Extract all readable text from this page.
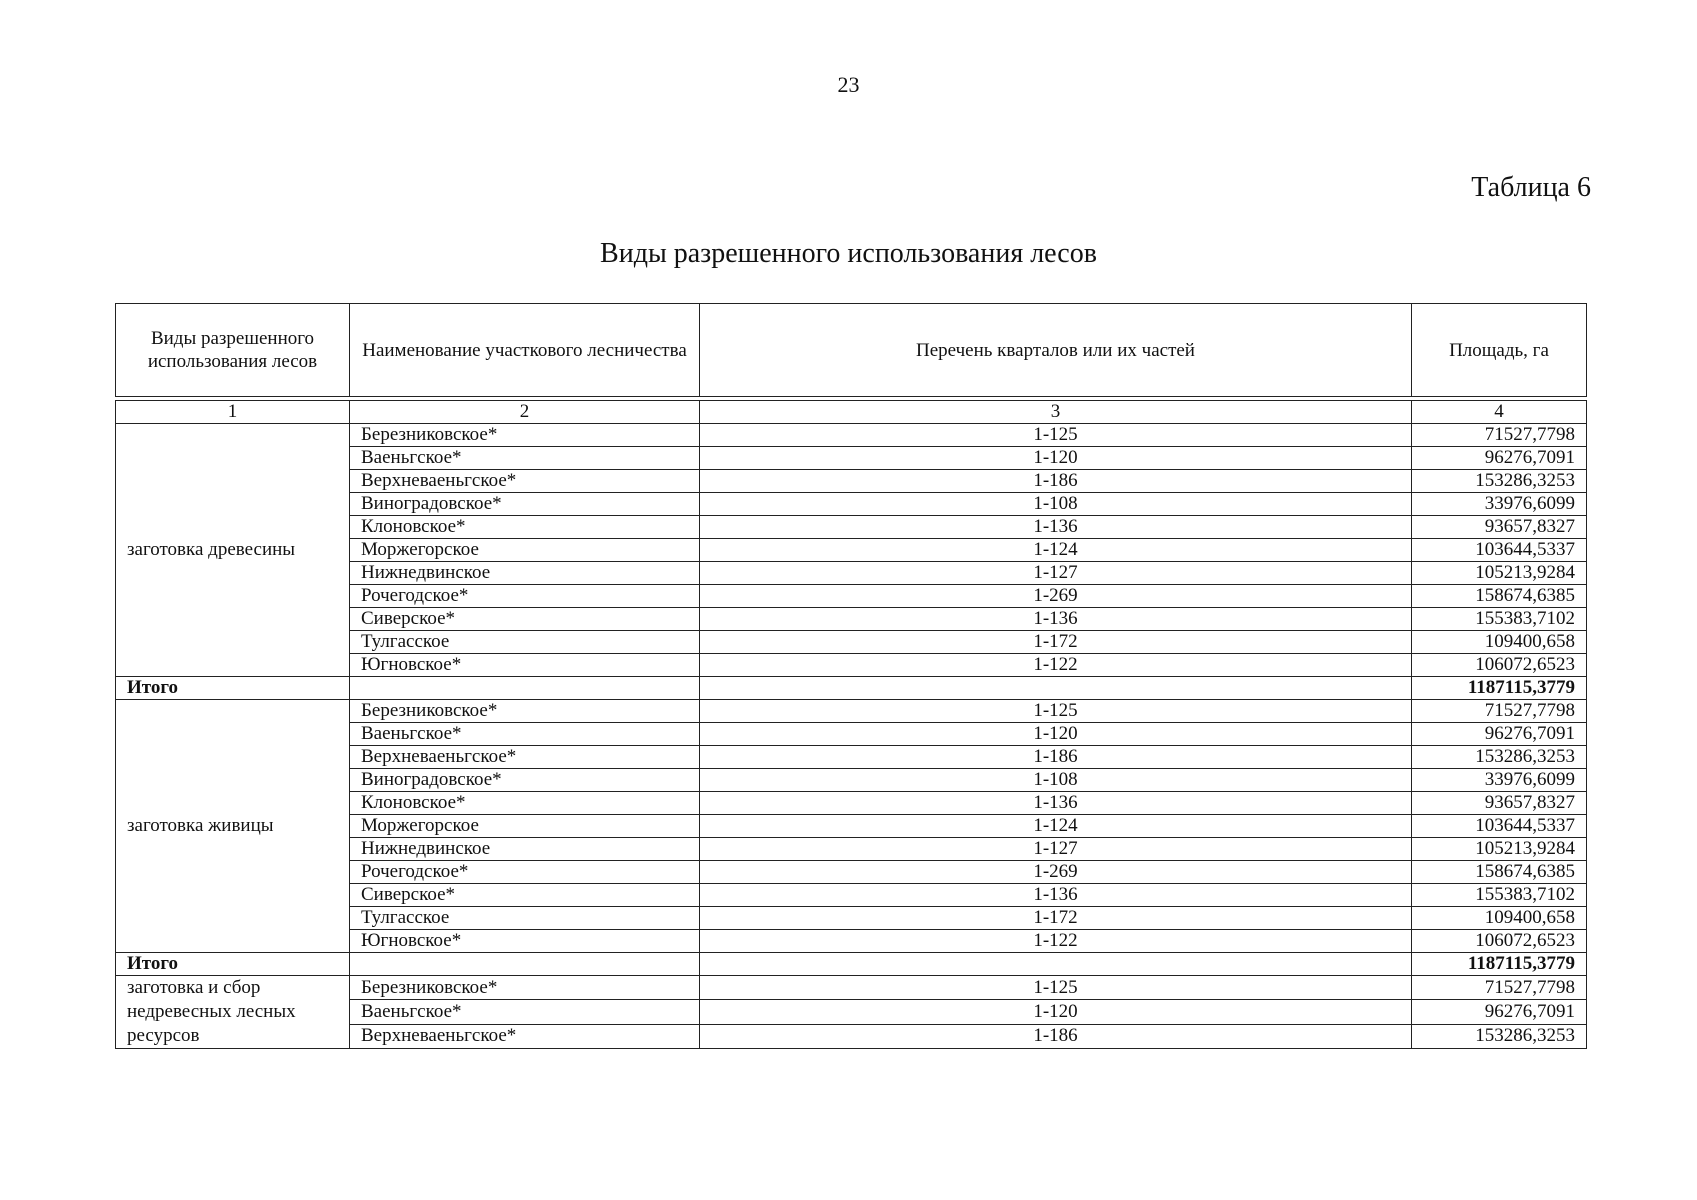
23
Таблица 6
Виды разрешенного использования лесов
Виды разрешенного использования лесов	Наименование участкового лесничества	Перечень кварталов или их частей	Площадь, га
1	2	3	4
заготовка древесины	Березниковское*	1-125	71527,7798
	Ваеньгское*	1-120	96276,7091
	Верхневаеньгское*	1-186	153286,3253
	Виноградовское*	1-108	33976,6099
	Клоновское*	1-136	93657,8327
	Моржегорское	1-124	103644,5337
	Нижнедвинское	1-127	105213,9284
	Рочегодское*	1-269	158674,6385
	Сиверское*	1-136	155383,7102
	Тулгасское	1-172	109400,658
	Югновское*	1-122	106072,6523
Итого			1187115,3779
заготовка живицы	Березниковское*	1-125	71527,7798
	Ваеньгское*	1-120	96276,7091
	Верхневаеньгское*	1-186	153286,3253
	Виноградовское*	1-108	33976,6099
	Клоновское*	1-136	93657,8327
	Моржегорское	1-124	103644,5337
	Нижнедвинское	1-127	105213,9284
	Рочегодское*	1-269	158674,6385
	Сиверское*	1-136	155383,7102
	Тулгасское	1-172	109400,658
	Югновское*	1-122	106072,6523
Итого			1187115,3779
заготовка и сбор недревесных лесных ресурсов	Березниковское*	1-125	71527,7798
	Ваеньгское*	1-120	96276,7091
	Верхневаеньгское*	1-186	153286,3253
